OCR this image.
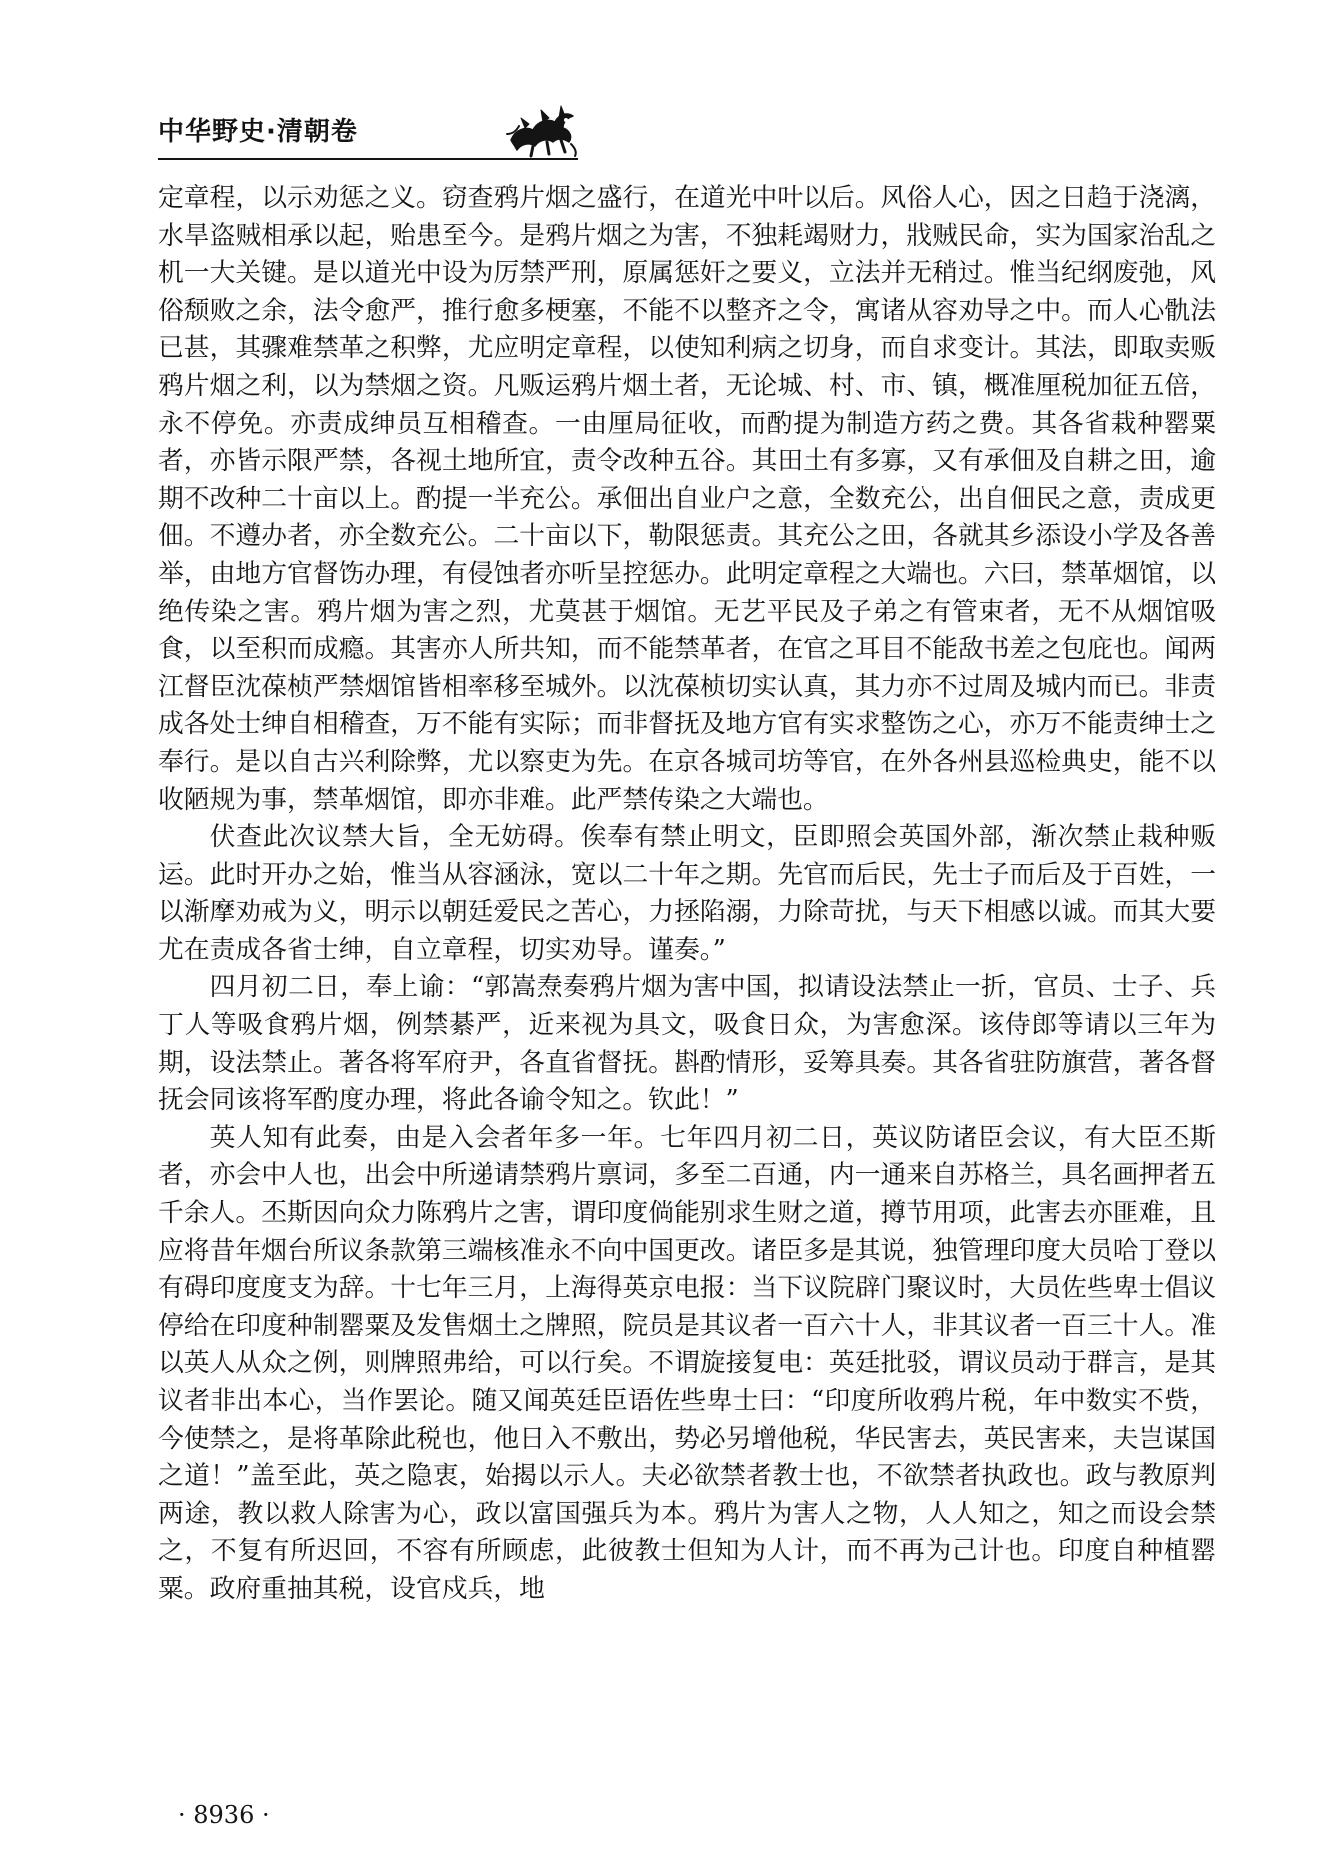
中华野史·清朝卷

定章程，以示劝惩之义。窃查鸦片烟之盛行，在道光中叶以后。风俗人心，因之日趋于浇漓，水旱盗贼相承以起，贻患至今。是鸦片烟之为害，不独耗竭财力，戕贼民命，实为国家治乱之机一大关键。是以道光中设为厉禁严刑，原属惩奸之要义，立法并无稍过。惟当纪纲废弛，风俗颓败之余，法令愈严，推行愈多梗塞，不能不以整齐之令，寓诸从容劝导之中。而人心骩法已甚，其骤难禁革之积弊，尤应明定章程，以使知利病之切身，而自求变计。其法，即取卖贩鸦片烟之利，以为禁烟之资。凡贩运鸦片烟土者，无论城、村、市、镇，概准厘税加征五倍，永不停免。亦责成绅员互相稽查。一由厘局征收，而酌提为制造方药之费。其各省栽种罂粟者，亦皆示限严禁，各视土地所宜，责令改种五谷。其田土有多寡，又有承佃及自耕之田，逾期不改种二十亩以上。酌提一半充公。承佃出自业户之意，全数充公，出自佃民之意，责成更佃。不遵办者，亦全数充公。二十亩以下，勒限惩责。其充公之田，各就其乡添设小学及各善举，由地方官督饬办理，有侵蚀者亦听呈控惩办。此明定章程之大端也。六曰，禁革烟馆，以绝传染之害。鸦片烟为害之烈，尤莫甚于烟馆。无艺平民及子弟之有管束者，无不从烟馆吸食，以至积而成瘾。其害亦人所共知，而不能禁革者，在官之耳目不能敌书差之包庇也。闻两江督臣沈葆桢严禁烟馆皆相率移至城外。以沈葆桢切实认真，其力亦不过周及城内而已。非责成各处士绅自相稽查，万不能有实际；而非督抚及地方官有实求整饬之心，亦万不能责绅士之奉行。是以自古兴利除弊，尤以察吏为先。在京各城司坊等官，在外各州县巡检典史，能不以收陋规为事，禁革烟馆，即亦非难。此严禁传染之大端也。

伏查此次议禁大旨，全无妨碍。俟奉有禁止明文，臣即照会英国外部，渐次禁止栽种贩运。此时开办之始，惟当从容涵泳，宽以二十年之期。先官而后民，先士子而后及于百姓，一以渐摩劝戒为义，明示以朝廷爱民之苦心，力拯陷溺，力除苛扰，与天下相感以诚。而其大要尤在责成各省士绅，自立章程，切实劝导。谨奏。”

四月初二日，奉上谕：“郭嵩焘奏鸦片烟为害中国，拟请设法禁止一折，官员、士子、兵丁人等吸食鸦片烟，例禁綦严，近来视为具文，吸食日众，为害愈深。该侍郎等请以三年为期，设法禁止。著各将军府尹，各直省督抚。斟酌情形，妥筹具奏。其各省驻防旗营，著各督抚会同该将军酌度办理，将此各谕令知之。钦此！”

英人知有此奏，由是入会者年多一年。七年四月初二日，英议防诸臣会议，有大臣丕斯者，亦会中人也，出会中所递请禁鸦片禀词，多至二百通，内一通来自苏格兰，具名画押者五千余人。丕斯因向众力陈鸦片之害，谓印度倘能别求生财之道，撙节用项，此害去亦匪难，且应将昔年烟台所议条款第三端核准永不向中国更改。诸臣多是其说，独管理印度大员哈丁登以有碍印度度支为辞。十七年三月，上海得英京电报：当下议院辟门聚议时，大员佐些卑士倡议停给在印度种制罂粟及发售烟土之牌照，院员是其议者一百六十人，非其议者一百三十人。准以英人从众之例，则牌照弗给，可以行矣。不谓旋接复电：英廷批驳，谓议员动于群言，是其议者非出本心，当作罢论。随又闻英廷臣语佐些卑士曰：“印度所收鸦片税，年中数实不赀，今使禁之，是将革除此税也，他日入不敷出，势必另增他税，华民害去，英民害来，夫岂谋国之道！”盖至此，英之隐衷，始揭以示人。夫必欲禁者教士也，不欲禁者执政也。政与教原判两途，教以救人除害为心，政以富国强兵为本。鸦片为害人之物，人人知之，知之而设会禁之，不复有所迟回，不容有所顾虑，此彼教士但知为人计，而不再为己计也。印度自种植罂粟。政府重抽其税，设官戍兵，地

· 8936 ·
